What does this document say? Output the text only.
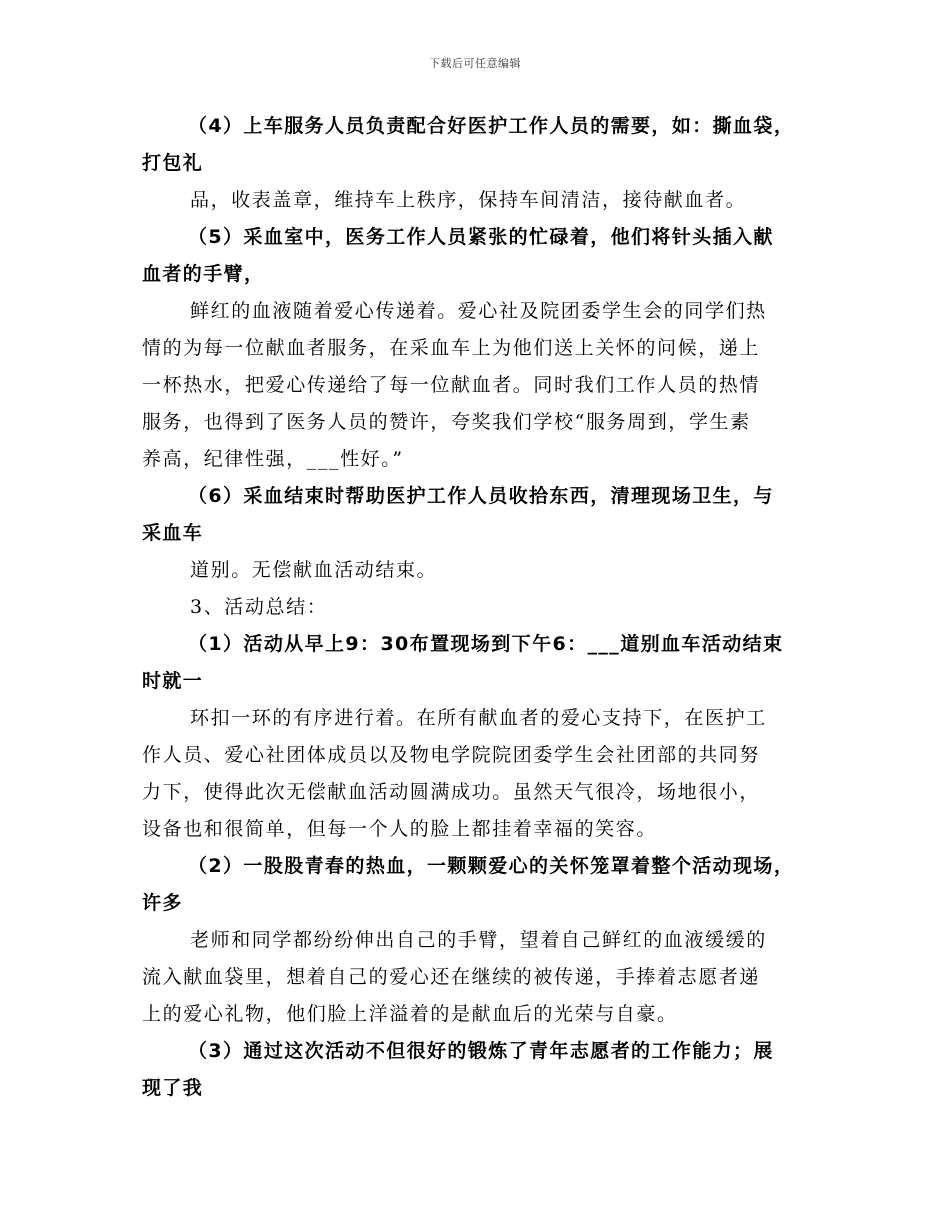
下载后可任意编辑
（4）上车服务人员负责配合好医护工作人员的需要，如：撕血袋，
打包礼
品，收表盖章，维持车上秩序，保持车间清洁，接待献血者。
（5）采血室中，医务工作人员紧张的忙碌着，他们将针头插入献
血者的手臂，
鲜红的血液随着爱心传递着。爱心社及院团委学生会的同学们热
情的为每一位献血者服务，在采血车上为他们送上关怀的问候，递上
一杯热水，把爱心传递给了每一位献血者。同时我们工作人员的热情
服务，也得到了医务人员的赞许，夸奖我们学校“服务周到，学生素
养高，纪律性强，___性好。”
（6）采血结束时帮助医护工作人员收拾东西，清理现场卫生，与
采血车
道别。无偿献血活动结束。
3、活动总结：
（1）活动从早上9：30布置现场到下午6：___道别血车活动结束
时就一
环扣一环的有序进行着。在所有献血者的爱心支持下，在医护工
作人员、爱心社团体成员以及物电学院院团委学生会社团部的共同努
力下，使得此次无偿献血活动圆满成功。虽然天气很冷，场地很小，
设备也和很简单，但每一个人的脸上都挂着幸福的笑容。
（2）一股股青春的热血，一颗颗爱心的关怀笼罩着整个活动现场，
许多
老师和同学都纷纷伸出自己的手臂，望着自己鲜红的血液缓缓的
流入献血袋里，想着自己的爱心还在继续的被传递，手捧着志愿者递
上的爱心礼物，他们脸上洋溢着的是献血后的光荣与自豪。
（3）通过这次活动不但很好的锻炼了青年志愿者的工作能力；展
现了我
